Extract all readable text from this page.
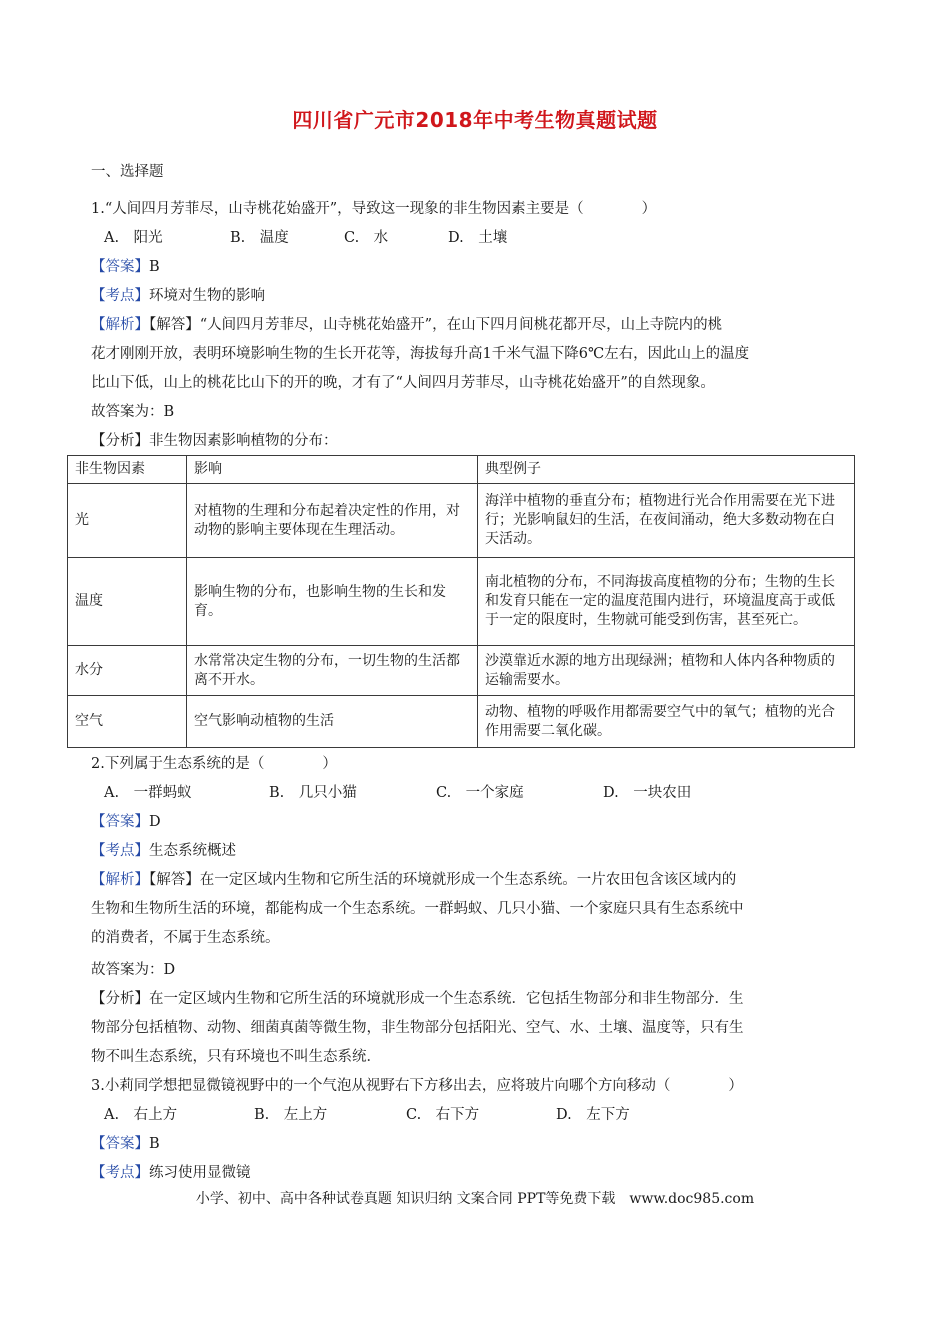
四川省广元市2018年中考生物真题试题
一、选择题
1.“人间四月芳菲尽，山寺桃花始盛开”，导致这一现象的非生物因素主要是（　　　　）
A.　阳光	B.　温度	C.　水	D.　土壤
【答案】B
【考点】环境对生物的影响
【解析】【解答】“人间四月芳菲尽，山寺桃花始盛开”，在山下四月间桃花都开尽，山上寺院内的桃
花才刚刚开放，表明环境影响生物的生长开花等，海拔每升高1千米气温下降6℃左右，因此山上的温度
比山下低，山上的桃花比山下的开的晚，才有了“人间四月芳菲尽，山寺桃花始盛开”的自然现象。
故答案为：B
【分析】非生物因素影响植物的分布：
非生物因素	影响	典型例子
光	对植物的生理和分布起着决定性的作用，对动物的影响主要体现在生理活动。	海洋中植物的垂直分布；植物进行光合作用需要在光下进行；光影响鼠妇的生活，在夜间涌动，绝大多数动物在白天活动。
温度	影响生物的分布，也影响生物的生长和发育。	南北植物的分布，不同海拔高度植物的分布；生物的生长和发育只能在一定的温度范围内进行，环境温度高于或低于一定的限度时，生物就可能受到伤害，甚至死亡。
水分	水常常决定生物的分布，一切生物的生活都离不开水。	沙漠靠近水源的地方出现绿洲；植物和人体内各种物质的运输需要水。
空气	空气影响动植物的生活	动物、植物的呼吸作用都需要空气中的氧气；植物的光合作用需要二氧化碳。
2.下列属于生态系统的是（　　　　）
A.　一群蚂蚁	B.　几只小猫	C.　一个家庭	D.　一块农田
【答案】D
【考点】生态系统概述
【解析】【解答】在一定区域内生物和它所生活的环境就形成一个生态系统。一片农田包含该区域内的
生物和生物所生活的环境，都能构成一个生态系统。一群蚂蚁、几只小猫、一个家庭只具有生态系统中
的消费者，不属于生态系统。
故答案为：D
【分析】在一定区域内生物和它所生活的环境就形成一个生态系统．它包括生物部分和非生物部分．生
物部分包括植物、动物、细菌真菌等微生物，非生物部分包括阳光、空气、水、土壤、温度等，只有生
物不叫生态系统，只有环境也不叫生态系统．
3.小莉同学想把显微镜视野中的一个气泡从视野右下方移出去，应将玻片向哪个方向移动（　　　　）
A.　右上方	B.　左上方	C.　右下方	D.　左下方
【答案】B
【考点】练习使用显微镜
小学、初中、高中各种试卷真题 知识归纳 文案合同 PPT等免费下载　www.doc985.com
